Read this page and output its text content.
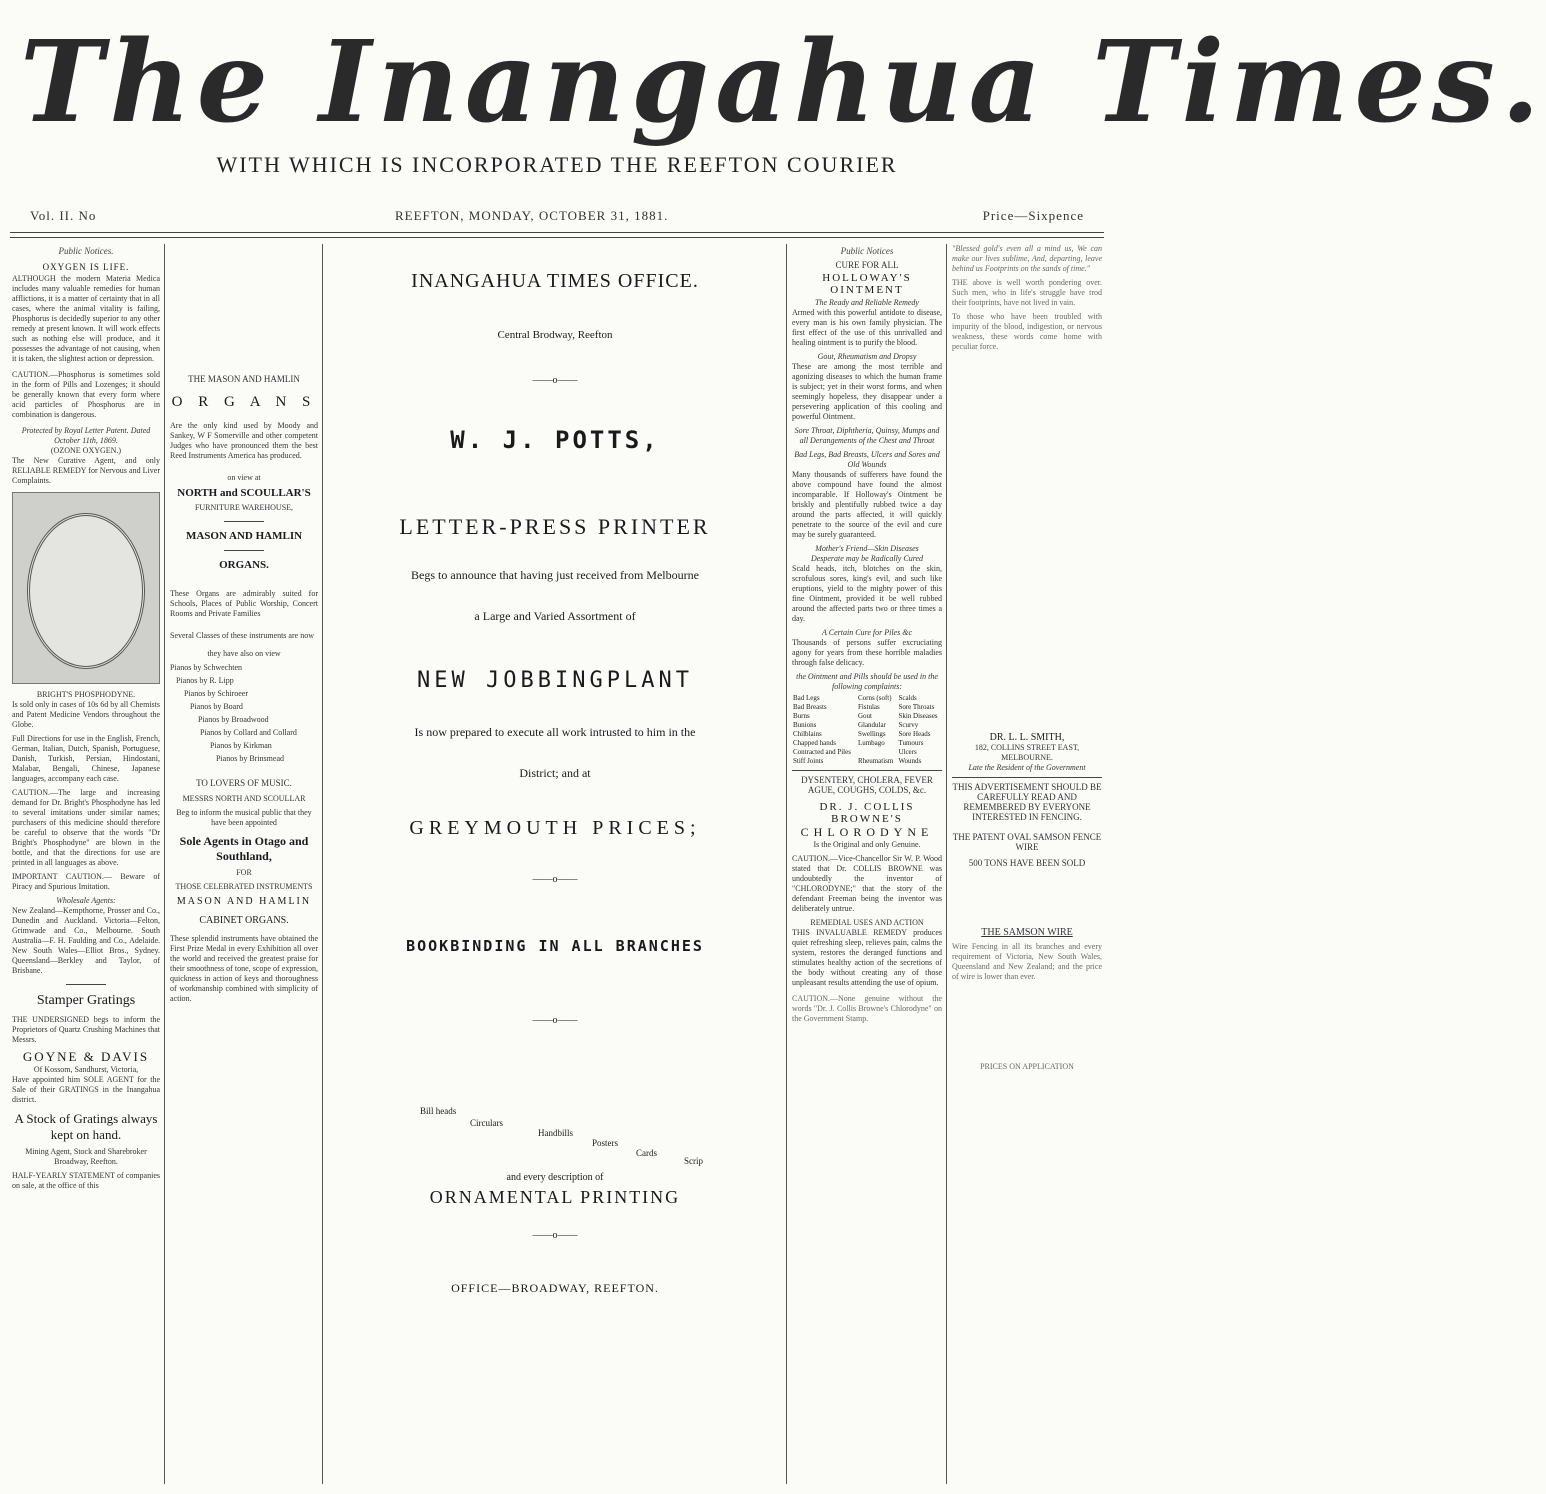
The Inangahua Times.
WITH WHICH IS INCORPORATED THE REEFTON COURIER
Vol. II. No	REEFTON, MONDAY, OCTOBER 31, 1881.	Price—Sixpence
Public Notices.
OXYGEN IS LIFE.
ALTHOUGH the modern Materia Medica includes many valuable remedies for human afflictions, it is a matter of certainty that in all cases, where the animal vitality is failing, Phosphorus is decidedly superior to any other remedy at present known. It will work effects such as nothing else will produce, and it possesses the advantage of not causing, when it is taken, the slightest action or depression.
CAUTION.—Phosphorus is sometimes sold in the form of Pills and Lozenges; it should be generally known that every form where acid particles of Phosphorus are in combination is dangerous.
Protected by Royal Letter Patent. Dated October 11th, 1869.
(OZONE OXYGEN.)
The New Curative Agent, and only RELIABLE REMEDY for Nervous and Liver Complaints.
BRIGHT'S PHOSPHODYNE.
Is sold only in cases of 10s 6d by all Chemists and Patent Medicine Vendors throughout the Globe.
Full Directions for use in the English, French, German, Italian, Dutch, Spanish, Portuguese, Danish, Turkish, Persian, Hindostani, Malabar, Bengali, Chinese, Japanese languages, accompany each case.
CAUTION.—The large and increasing demand for Dr. Bright's Phosphodyne has led to several imitations under similar names; purchasers of this medicine should therefore be careful to observe that the words "Dr Bright's Phosphodyne" are blown in the bottle, and that the directions for use are printed in all languages as above.
IMPORTANT CAUTION.— Beware of Piracy and Spurious Imitation.
Wholesale Agents:
New Zealand—Kempthorne, Prosser and Co., Dunedin and Auckland. Victoria—Felton, Grimwade and Co., Melbourne. South Australia—F. H. Faulding and Co., Adelaide. New South Wales—Elliot Bros., Sydney. Queensland—Berkley and Taylor, of Brisbane.
Stamper Gratings
THE UNDERSIGNED begs to inform the Proprietors of Quartz Crushing Machines that Messrs.
GOYNE & DAVIS
Of Kossom, Sandhurst, Victoria,
Have appointed him SOLE AGENT for the Sale of their GRATINGS in the Inangahua district.
A Stock of Gratings always kept on hand.
Mining Agent, Stock and Sharebroker Broadway, Reefton.
HALF-YEARLY STATEMENT of companies on sale, at the office of this
THE MASON AND HAMLIN
O R G A N S
Are the only kind used by Moody and Sankey, W F Somerville and other competent Judges who have pronounced them the best Reed Instruments America has produced.
on view at
NORTH and SCOULLAR'S
FURNITURE WAREHOUSE,
MASON AND HAMLIN
ORGANS.
These Organs are admirably suited for Schools, Places of Public Worship, Concert Rooms and Private Families
Several Classes of these instruments are now
they have also on view
Pianos by Schwechten
Pianos by R. Lipp
Pianos by Schiroeer
Pianos by Board
Pianos by Broadwood
Pianos by Collard and Collard
Pianos by Kirkman
Pianos by Brinsmead
TO LOVERS OF MUSIC.
MESSRS NORTH AND SCOULLAR
Beg to inform the musical public that they have been appointed
Sole Agents in Otago and Southland,
FOR
THOSE CELEBRATED INSTRUMENTS
MASON AND HAMLIN
CABINET ORGANS.
These splendid instruments have obtained the First Prize Medal in every Exhibition all over the world and received the greatest praise for their smoothness of tone, scope of expression, quickness in action of keys and thoroughness of workmanship combined with simplicity of action.
INANGAHUA TIMES OFFICE.
Central Brodway, Reefton
——o——
W. J. POTTS,
LETTER-PRESS PRINTER
Begs to announce that having just received from Melbourne
a Large and Varied Assortment of
NEW JOBBINGPLANT
Is now prepared to execute all work intrusted to him in the
District; and at
GREYMOUTH PRICES;
——o——
BOOKBINDING IN ALL BRANCHES
——o——
Bill heads
Circulars
Handbills
Posters
Cards
Scrip
and every description of
ORNAMENTAL PRINTING
——o——
OFFICE—BROADWAY, REEFTON.
Public Notices
CURE FOR ALL
HOLLOWAY'S OINTMENT
The Ready and Reliable Remedy
Armed with this powerful antidote to disease, every man is his own family physician. The first effect of the use of this unrivalled and healing ointment is to purify the blood.
Gout, Rheumatism and Dropsy
These are among the most terrible and agonizing diseases to which the human frame is subject; yet in their worst forms, and when seemingly hopeless, they disappear under a persevering application of this cooling and powerful Ointment.
Sore Throat, Diphtheria, Quinsy, Mumps and all Derangements of the Chest and Throat
Bad Legs, Bad Breasts, Ulcers and Sores and Old Wounds
Many thousands of sufferers have found the above compound have found the almost incomparable. If Holloway's Ointment be briskly and plentifully rubbed twice a day around the parts affected, it will quickly penetrate to the source of the evil and cure may be surely guaranteed.
Mother's Friend—Skin Diseases
Desperate may be Radically Cured
Scald heads, itch, blotches on the skin, scrofulous sores, king's evil, and such like eruptions, yield to the mighty power of this fine Ointment, provided it be well rubbed around the affected parts two or three times a day.
A Certain Cure for Piles &c
Thousands of persons suffer excruciating agony for years from these horrible maladies through false delicacy.
the Ointment and Pills should be used in the following complaints:
Bad Legs	Corns (soft)	Scalds
Bad Breasts	Fistulas	Sore Throats
Burns	Gout	Skin Diseases
Bunions	Glandular	Scurvy
Chilblains	Swellings	Sore Heads
Chapped hands	Lumbago	Tumours
Contracted and Piles		Ulcers
Stiff Joints	Rheumatism	Wounds
DYSENTERY, CHOLERA, FEVER AGUE, COUGHS, COLDS, &c.
DR. J. COLLIS BROWNE'S
CHLORODYNE
Is the Original and only Genuine.
CAUTION.—Vice-Chancellor Sir W. P. Wood stated that Dr. COLLIS BROWNE was undoubtedly the inventor of "CHLORODYNE;" that the story of the defendant Freeman being the inventor was deliberately untrue.
REMEDIAL USES AND ACTION
THIS INVALUABLE REMEDY produces quiet refreshing sleep, relieves pain, calms the system, restores the deranged functions and stimulates healthy action of the secretions of the body without creating any of those unpleasant results attending the use of opium.
CAUTION.—None genuine without the words "Dr. J. Collis Browne's Chlorodyne" on the Government Stamp.
"Blessed gold's even all a mind us, We can make our lives sublime, And, departing, leave behind us Footprints on the sands of time."
THE above is well worth pondering over. Such men, who in life's struggle have trod their footprints, have not lived in vain.
To those who have been troubled with impurity of the blood, indigestion, or nervous weakness, these words come home with peculiar force.
DR. L. L. SMITH,
182, COLLINS STREET EAST, MELBOURNE.
Late the Resident of the Government
THIS ADVERTISEMENT SHOULD BE CAREFULLY READ AND REMEMBERED BY EVERYONE INTERESTED IN FENCING.
THE PATENT OVAL SAMSON FENCE WIRE
500 TONS HAVE BEEN SOLD
THE SAMSON WIRE
Wire Fencing in all its branches and every requirement of Victoria, New South Wales, Queensland and New Zealand; and the price of wire is lower than ever.
PRICES ON APPLICATION
